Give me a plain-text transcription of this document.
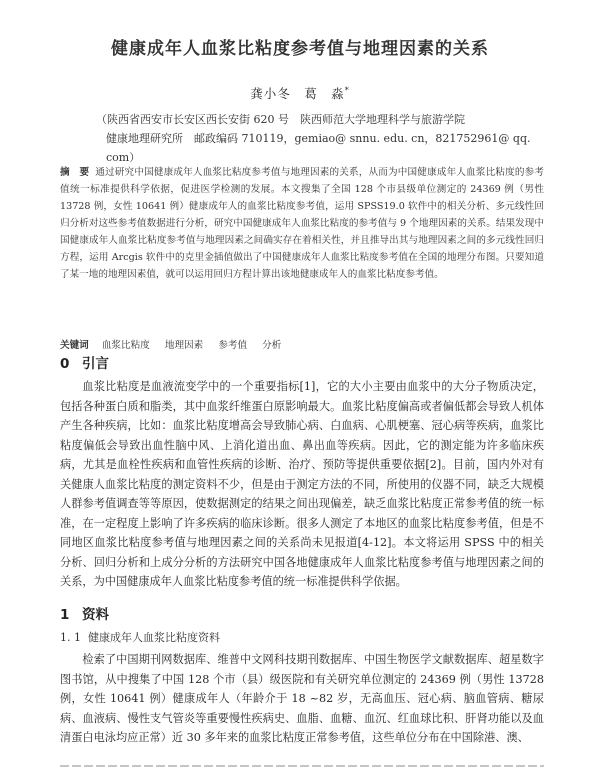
健康成年人血浆比粘度参考值与地理因素的关系
龚小冬　葛　淼*
（陕西省西安市长安区西长安街 620 号　陕西师范大学地理科学与旅游学院
健康地理研究所　邮政编码 710119，gemiao@ snnu. edu. cn，821752961@ qq. com）
摘　要 通过研究中国健康成年人血浆比粘度参考值与地理因素的关系，从而为中国健康成年人血浆比粘度的参考值统一标准提供科学依据，促进医学检测的发展。本文搜集了全国 128 个市县级单位测定的 24369 例（男性 13728 例，女性 10641 例）健康成年人的血浆比粘度参考值，运用 SPSS19.0 软件中的相关分析、多元线性回归分析对这些参考值数据进行分析，研究中国健康成年人血浆比粘度的参考值与 9 个地理因素的关系。结果发现中国健康成年人血浆比粘度参考值与地理因素之间确实存在着相关性，并且推导出其与地理因素之间的多元线性回归方程，运用 Arcgis 软件中的克里金插值做出了中国健康成年人血浆比粘度参考值在全国的地理分布图。只要知道了某一地的地理因素值，就可以运用回归方程计算出该地健康成年人的血浆比粘度参考值。
关键词 血浆比粘度 地理因素 参考值 分析
0 引言
血浆比粘度是血液流变学中的一个重要指标[1]，它的大小主要由血浆中的大分子物质决定，包括各种蛋白质和脂类，其中血浆纤维蛋白原影响最大。血浆比粘度偏高或者偏低都会导致人机体产生各种疾病，比如：血浆比粘度增高会导致肺心病、白血病、心肌梗塞、冠心病等疾病，血浆比粘度偏低会导致出血性脑中风、上消化道出血、鼻出血等疾病。因此，它的测定能为许多临床疾病，尤其是血栓性疾病和血管性疾病的诊断、治疗、预防等提供重要依据[2]。目前，国内外对有关健康人血浆比粘度的测定资料不少，但是由于测定方法的不同，所使用的仪器不同，缺乏大规模人群参考值调查等等原因，使数据测定的结果之间出现偏差，缺乏血浆比粘度正常参考值的统一标准，在一定程度上影响了许多疾病的临床诊断。很多人测定了本地区的血浆比粘度参考值，但是不同地区血浆比粘度参考值与地理因素之间的关系尚未见报道[4-12]。本文将运用 SPSS 中的相关分析、回归分析和上成分分析的方法研究中国各地健康成年人血浆比粘度参考值与地理因素之间的关系，为中国健康成年人血浆比粘度参考值的统一标准提供科学依据。
1 资料
1. 1 健康成年人血浆比粘度资料
检索了中国期刊网数据库、维普中文网科技期刊数据库、中国生物医学文献数据库、超星数字图书馆，从中搜集了中国 128 个市（县）级医院和有关研究单位测定的 24369 例（男性 13728 例，女性 10641 例）健康成年人（年龄介于 18 ~82 岁，无高血压、冠心病、脑血管病、糖尿病、血液病、慢性支气管炎等重要慢性疾病史、血脂、血糖、血沉、红血球比积、肝肾功能以及血清蛋白电泳均应正常）近 30 多年来的血浆比粘度正常参考值，这些单位分布在中国除港、澳、
